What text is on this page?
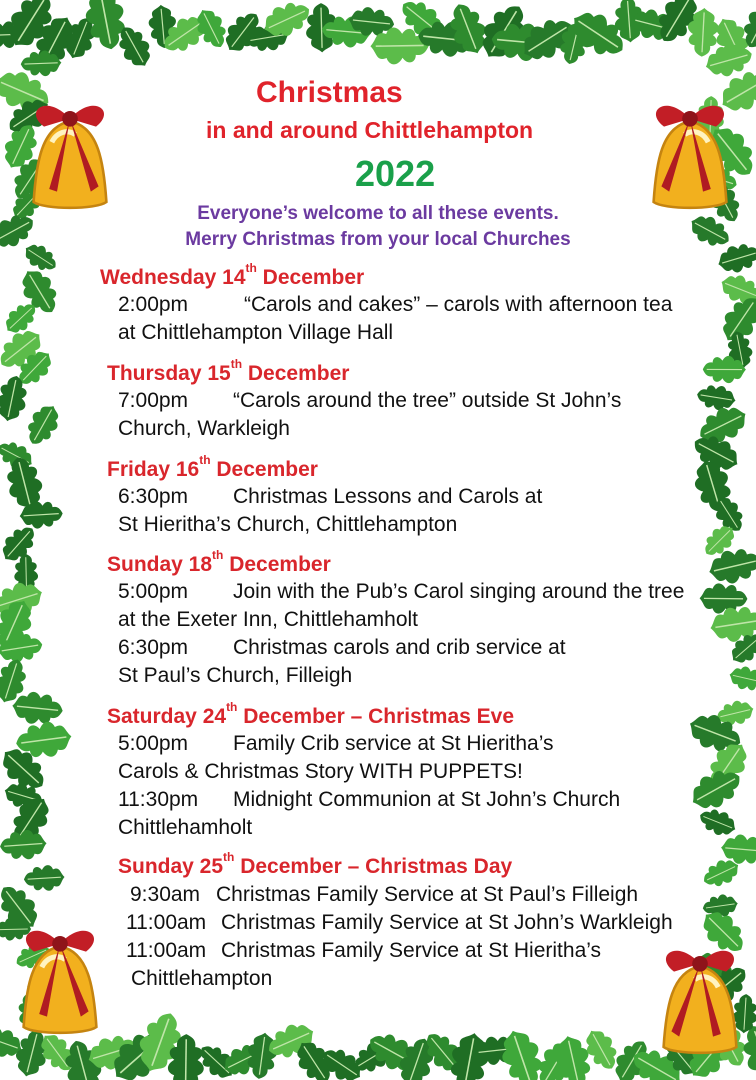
Christmas
in and around Chittlehampton
2022
Everyone’s welcome to all these events.
Merry Christmas from your local Churches
Wednesday 14th December
2:00pm	“Carols and cakes” – carols with afternoon tea
at Chittlehampton Village Hall
Thursday 15th December
7:00pm “Carols around the tree” outside St John’s
Church, Warkleigh
Friday 16th December
6:30pm Christmas Lessons and Carols at
St Hieritha’s Church, Chittlehampton
Sunday 18th December
5:00pm Join with the Pub’s Carol singing around the tree
at the Exeter Inn, Chittlehamholt
6:30pm Christmas carols and crib service at
St Paul’s Church, Filleigh
Saturday 24th December – Christmas Eve
5:00pm Family Crib service at St Hieritha’s
Carols & Christmas Story WITH PUPPETS!
11:30pm Midnight Communion at St John’s Church
Chittlehamholt
Sunday 25th December – Christmas Day
9:30am Christmas Family Service at St Paul’s Filleigh
11:00am Christmas Family Service at St John’s Warkleigh
11:00am Christmas Family Service at St Hieritha’s
Chittlehampton
